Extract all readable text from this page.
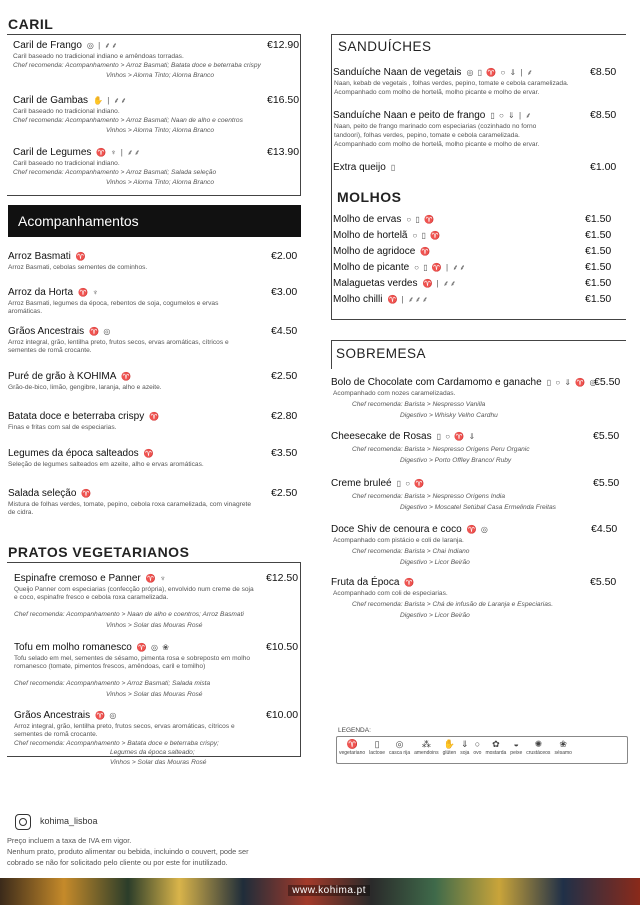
CARIL
Caril de Frango ◎ | ⸙⸙	€12.90
Caril baseado no tradicional indiano e amêndoas torradas.
Chef recomenda: Acompanhamento > Arroz Basmati; Batata doce e beterraba crispy
Vinhos > Alorna Tinto; Alorna Branco
Caril de Gambas ✋ | ⸙⸙	€16.50
Caril baseado no tradicional indiano.
Chef recomenda: Acompanhamento > Arroz Basmati; Naan de alho e coentros
Vinhos > Alorna Tinto; Alorna Branco
Caril de Legumes ♈ ♆ | ⸙⸙	€13.90
Caril baseado no tradicional indiano.
Chef recomenda: Acompanhamento > Arroz Basmati; Salada seleção
Vinhos > Alorna Tinto; Alorna Branco
Acompanhamentos
Arroz Basmati ♈	€2.00
Arroz Basmati, cebolas sementes de cominhos.
Arroz da Horta ♈ ♆	€3.00
Arroz Basmati, legumes da época, rebentos de soja, cogumelos e ervas aromáticas.
Grãos Ancestrais ♈ ◎	€4.50
Arroz integral, grão, lentilha preto, frutos secos, ervas aromáticas, cítricos e sementes de romã crocante.
Puré de grão à KOHIMA ♈	€2.50
Grão-de-bico, limão, gengibre, laranja, alho e azeite.
Batata doce e beterraba crispy ♈	€2.80
Finas e fritas com sal de especiarias.
Legumes da época salteados ♈	€3.50
Seleção de legumes salteados em azeite, alho e ervas aromáticas.
Salada seleção ♈	€2.50
Mistura de folhas verdes, tomate, pepino, cebola roxa caramelizada, com vinagrete de cidra.
PRATOS VEGETARIANOS
Espinafre cremoso e Panner ♈ ♆	€12.50
Queijo Panner com especiarias (confecção própria), envolvido num creme de soja e coco, espinafre fresco e cebola roxa caramelizada.
Chef recomenda: Acompanhamento > Naan de alho e coentros; Arroz Basmati
Vinhos > Solar das Mouras Rosé
Tofu em molho romanesco ♈ ◎ ❀	€10.50
Tofu selado em mel, sementes de sésamo, pimenta rosa e sobreposto em molho romanesco (tomate, pimentos frescos, amêndoas, caril e tomilho)
Chef recomenda: Acompanhamento > Arroz Basmati; Salada mista
Vinhos > Solar das Mouras Rosé
Grãos Ancestrais ♈ ◎	€10.00
Arroz integral, grão, lentilha preto, frutos secos, ervas aromáticas, cítricos e sementes de romã crocante.
Chef recomenda: Acompanhamento > Batata doce e beterraba crispy;
Legumes da época salteado;
Vinhos > Solar das Mouras Rosé
kohima_lisboa
Preço incluem a taxa de IVA em vigor.
Nenhum prato, produto alimentar ou bebida, incluindo o couvert, pode ser
cobrado se não for solicitado pelo cliente ou por este for inutilizado.
SANDUÍCHES
Sanduíche Naan de vegetais ◎ ▯ ♈ ○ ⇓ | ⸙	€8.50
Naan, kebab de vegetais , folhas verdes, pepino, tomate e cebola caramelizada.
Acompanhado com molho de hortelã, molho picante e molho de ervar.
Sanduíche Naan e peito de frango ▯ ○ ⇓ | ⸙	€8.50
Naan, peito de frango marinado com especiarias (cozinhado no forno
tandoori), folhas verdes, pepino, tomate e cebola caramelizada.
Acompanhado com molho de hortelã, molho picante e molho de ervar.
Extra queijo ▯	€1.00
MOLHOS
Molho de ervas ○ ▯ ♈	€1.50
Molho de hortelã ○ ▯ ♈	€1.50
Molho de agridoce ♈	€1.50
Molho de picante ○ ▯ ♈ | ⸙⸙	€1.50
Malaguetas verdes ♈ | ⸙⸙	€1.50
Molho chilli ♈ | ⸙⸙⸙	€1.50
SOBREMESA
Bolo de Chocolate com Cardamomo e ganache ▯ ○ ⇓ ♈ ◎
€5.50
Acompanhado com nozes caramelizadas.
Chef recomenda: Barista > Nespresso Vanilla
Digestivo > Whisky Velho Cardhu
Cheesecake de Rosas ▯ ○ ♈ ⇓	€5.50
Chef recomenda: Barista > Nespresso Origens Peru Organic
Digestivo > Porto Offley Branco/ Ruby
Creme bruleé ▯ ○ ♈	€5.50
Chef recomenda: Barista > Nespresso Origens India
Digestivo > Moscatel Setúbal Casa Ermelinda Freitas
Doce Shiv de cenoura e coco ♈ ◎	€4.50
Acompanhado com pistácio e coli de laranja.
Chef recomenda: Barista > Chai Indiano
Digestivo > Licor Beirão
Fruta da Época ♈	€5.50
Acompanhado com coli de especiarias.
Chef recomenda: Barista > Chá de infusão de Laranja e Especiarias.
Digestivo > Licor Beirão
LEGENDA:
♈
vegetariano
▯
lactose
◎
casca rija
⁂
amendoins
✋
glúten
⇓
soja
○
ovo
✿
mostarda
◒
peixe
✺
crustáceos
❀
sésamo
www.kohima.pt
